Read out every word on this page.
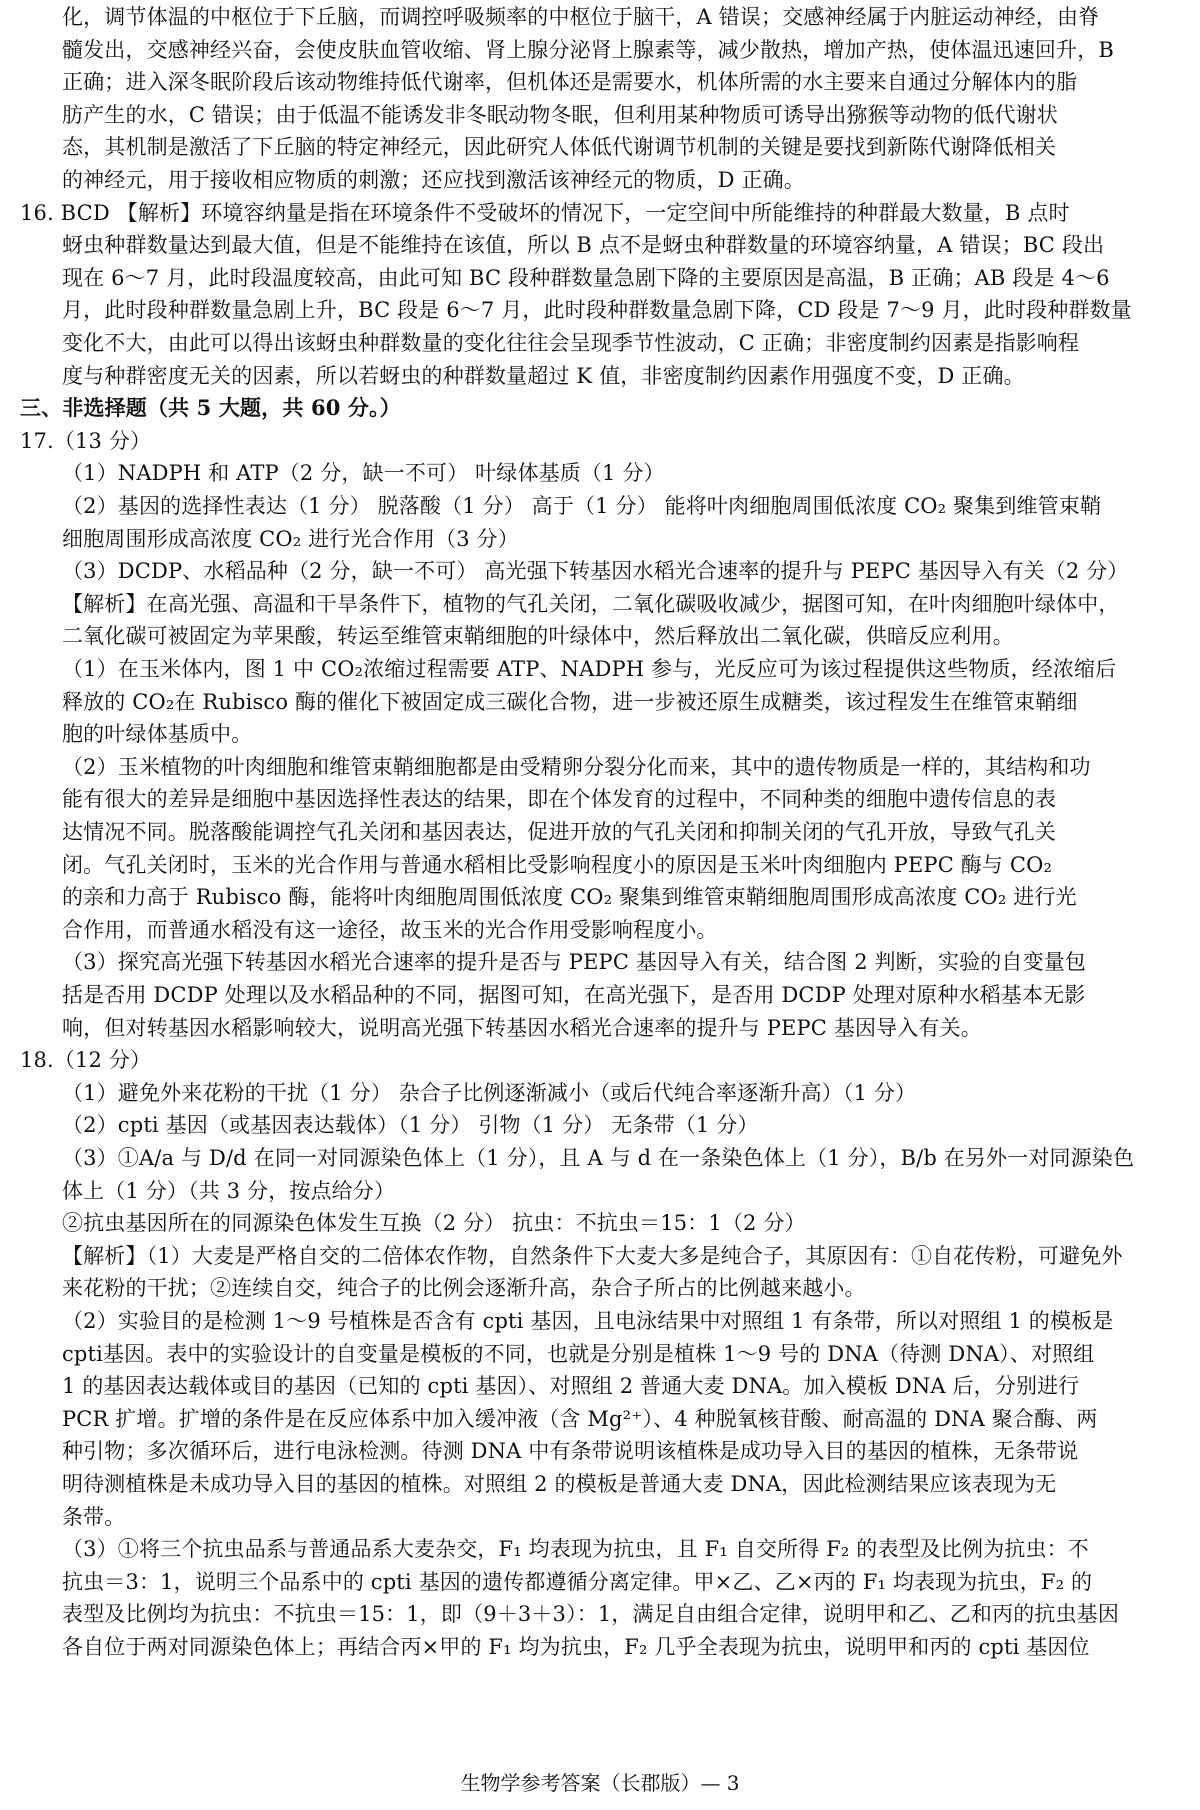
化，调节体温的中枢位于下丘脑，而调控呼吸频率的中枢位于脑干，A 错误；交感神经属于内脏运动神经，由脊
髓发出，交感神经兴奋，会使皮肤血管收缩、肾上腺分泌肾上腺素等，减少散热，增加产热，使体温迅速回升，B
正确；进入深冬眠阶段后该动物维持低代谢率，但机体还是需要水，机体所需的水主要来自通过分解体内的脂
肪产生的水，C 错误；由于低温不能诱发非冬眠动物冬眠，但利用某种物质可诱导出猕猴等动物的低代谢状
态，其机制是激活了下丘脑的特定神经元，因此研究人体低代谢调节机制的关键是要找到新陈代谢降低相关
的神经元，用于接收相应物质的刺激；还应找到激活该神经元的物质，D 正确。
16. BCD 【解析】环境容纳量是指在环境条件不受破坏的情况下，一定空间中所能维持的种群最大数量，B 点时
蚜虫种群数量达到最大值，但是不能维持在该值，所以 B 点不是蚜虫种群数量的环境容纳量，A 错误；BC 段出
现在 6～7 月，此时段温度较高，由此可知 BC 段种群数量急剧下降的主要原因是高温，B 正确；AB 段是 4～6
月，此时段种群数量急剧上升，BC 段是 6～7 月，此时段种群数量急剧下降，CD 段是 7～9 月，此时段种群数量
变化不大，由此可以得出该蚜虫种群数量的变化往往会呈现季节性波动，C 正确；非密度制约因素是指影响程
度与种群密度无关的因素，所以若蚜虫的种群数量超过 K 值，非密度制约因素作用强度不变，D 正确。
三、非选择题（共 5 大题，共 60 分。）
17.（13 分）
（1）NADPH 和 ATP（2 分，缺一不可） 叶绿体基质（1 分）
（2）基因的选择性表达（1 分） 脱落酸（1 分） 高于（1 分） 能将叶肉细胞周围低浓度 CO₂ 聚集到维管束鞘
细胞周围形成高浓度 CO₂ 进行光合作用（3 分）
（3）DCDP、水稻品种（2 分，缺一不可） 高光强下转基因水稻光合速率的提升与 PEPC 基因导入有关（2 分）
【解析】在高光强、高温和干旱条件下，植物的气孔关闭，二氧化碳吸收减少，据图可知，在叶肉细胞叶绿体中，
二氧化碳可被固定为苹果酸，转运至维管束鞘细胞的叶绿体中，然后释放出二氧化碳，供暗反应利用。
（1）在玉米体内，图 1 中 CO₂浓缩过程需要 ATP、NADPH 参与，光反应可为该过程提供这些物质，经浓缩后
释放的 CO₂在 Rubisco 酶的催化下被固定成三碳化合物，进一步被还原生成糖类，该过程发生在维管束鞘细
胞的叶绿体基质中。
（2）玉米植物的叶肉细胞和维管束鞘细胞都是由受精卵分裂分化而来，其中的遗传物质是一样的，其结构和功
能有很大的差异是细胞中基因选择性表达的结果，即在个体发育的过程中，不同种类的细胞中遗传信息的表
达情况不同。脱落酸能调控气孔关闭和基因表达，促进开放的气孔关闭和抑制关闭的气孔开放，导致气孔关
闭。气孔关闭时，玉米的光合作用与普通水稻相比受影响程度小的原因是玉米叶肉细胞内 PEPC 酶与 CO₂
的亲和力高于 Rubisco 酶，能将叶肉细胞周围低浓度 CO₂ 聚集到维管束鞘细胞周围形成高浓度 CO₂ 进行光
合作用，而普通水稻没有这一途径，故玉米的光合作用受影响程度小。
（3）探究高光强下转基因水稻光合速率的提升是否与 PEPC 基因导入有关，结合图 2 判断，实验的自变量包
括是否用 DCDP 处理以及水稻品种的不同，据图可知，在高光强下，是否用 DCDP 处理对原种水稻基本无影
响，但对转基因水稻影响较大，说明高光强下转基因水稻光合速率的提升与 PEPC 基因导入有关。
18.（12 分）
（1）避免外来花粉的干扰（1 分） 杂合子比例逐渐减小（或后代纯合率逐渐升高）（1 分）
（2）cpti 基因（或基因表达载体）（1 分） 引物（1 分） 无条带（1 分）
（3）①A/a 与 D/d 在同一对同源染色体上（1 分），且 A 与 d 在一条染色体上（1 分），B/b 在另外一对同源染色
体上（1 分）（共 3 分，按点给分）
②抗虫基因所在的同源染色体发生互换（2 分） 抗虫：不抗虫＝15：1（2 分）
【解析】（1）大麦是严格自交的二倍体农作物，自然条件下大麦大多是纯合子，其原因有：①自花传粉，可避免外
来花粉的干扰；②连续自交，纯合子的比例会逐渐升高，杂合子所占的比例越来越小。
（2）实验目的是检测 1～9 号植株是否含有 cpti 基因，且电泳结果中对照组 1 有条带，所以对照组 1 的模板是
cpti基因。表中的实验设计的自变量是模板的不同，也就是分别是植株 1～9 号的 DNA（待测 DNA）、对照组
1 的基因表达载体或目的基因（已知的 cpti 基因）、对照组 2 普通大麦 DNA。加入模板 DNA 后，分别进行
PCR 扩增。扩增的条件是在反应体系中加入缓冲液（含 Mg²⁺）、4 种脱氧核苷酸、耐高温的 DNA 聚合酶、两
种引物；多次循环后，进行电泳检测。待测 DNA 中有条带说明该植株是成功导入目的基因的植株，无条带说
明待测植株是未成功导入目的基因的植株。对照组 2 的模板是普通大麦 DNA，因此检测结果应该表现为无
条带。
（3）①将三个抗虫品系与普通品系大麦杂交，F₁ 均表现为抗虫，且 F₁ 自交所得 F₂ 的表型及比例为抗虫：不
抗虫＝3：1，说明三个品系中的 cpti 基因的遗传都遵循分离定律。甲×乙、乙×丙的 F₁ 均表现为抗虫，F₂ 的
表型及比例均为抗虫：不抗虫＝15：1，即（9＋3＋3）：1，满足自由组合定律，说明甲和乙、乙和丙的抗虫基因
各自位于两对同源染色体上；再结合丙×甲的 F₁ 均为抗虫，F₂ 几乎全表现为抗虫，说明甲和丙的 cpti 基因位
生物学参考答案（长郡版）— 3
